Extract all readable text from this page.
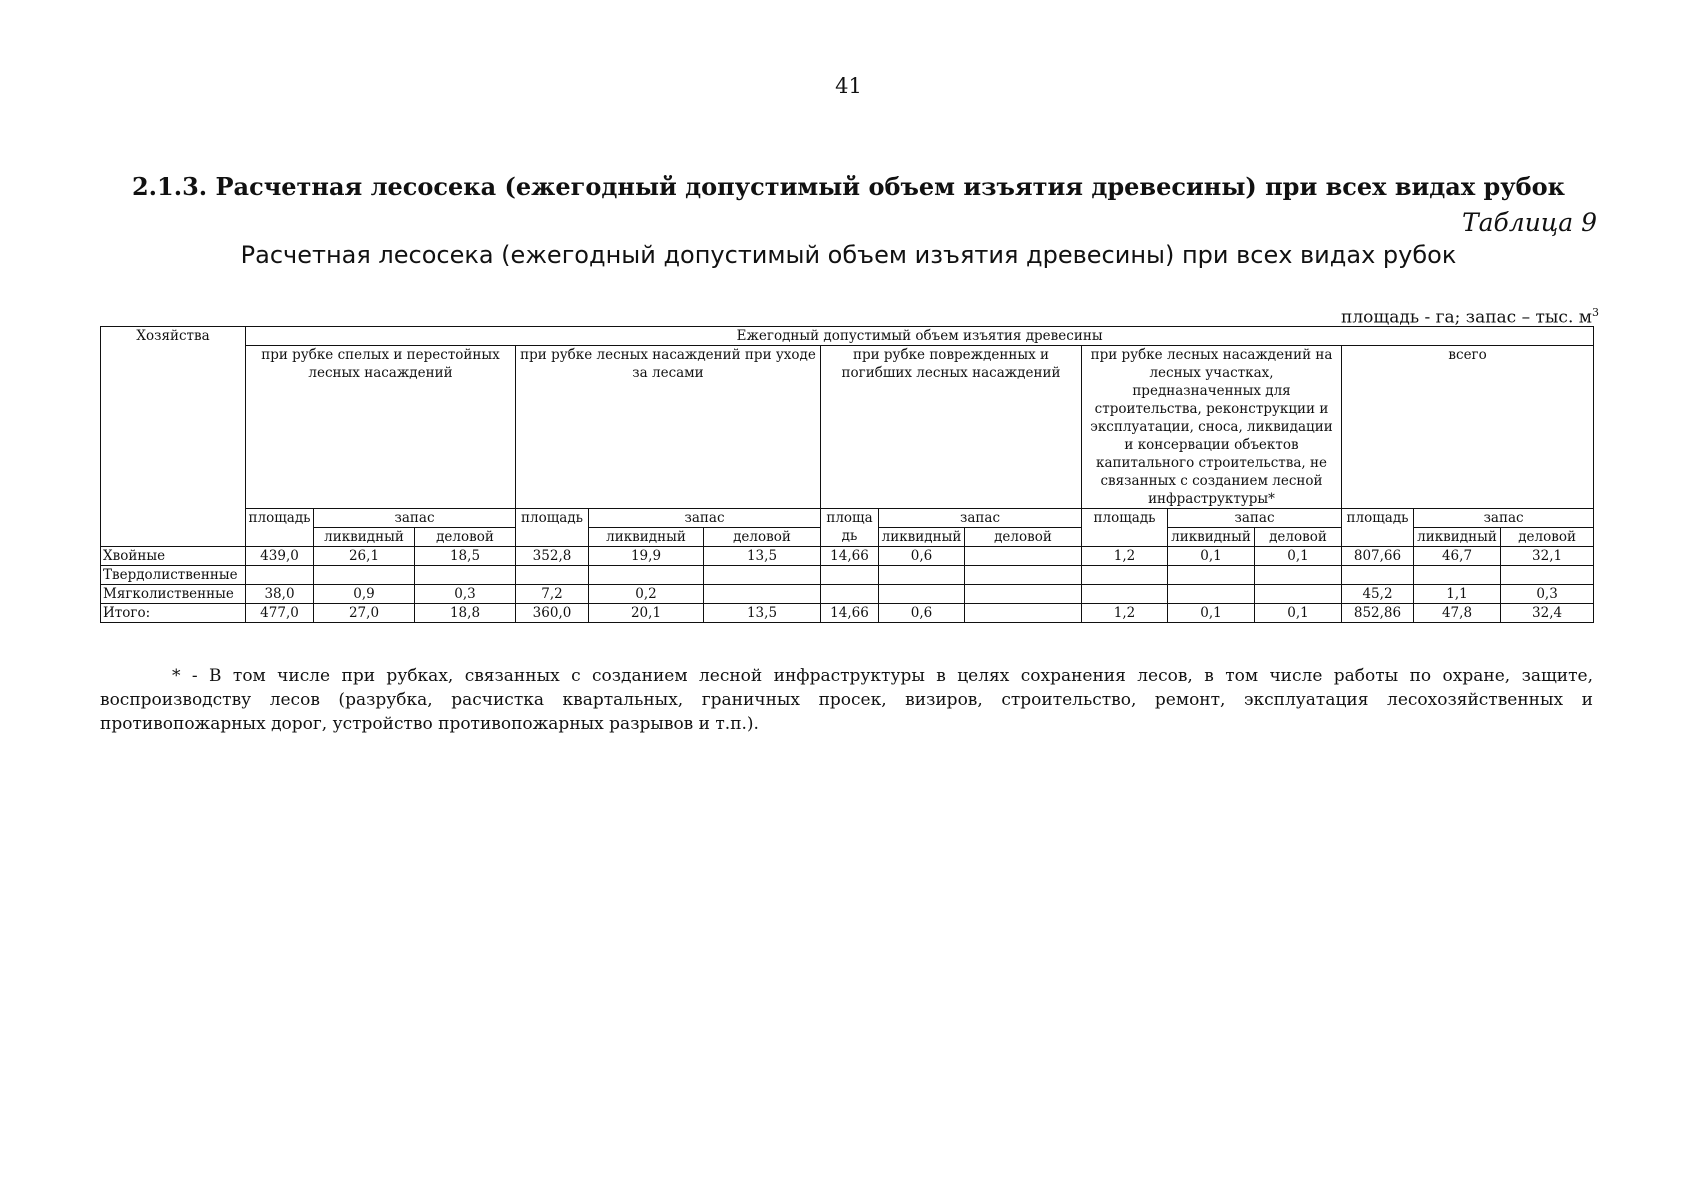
41
2.1.3. Расчетная лесосека (ежегодный допустимый объем изъятия древесины) при всех видах рубок
Таблица 9
Расчетная лесосека (ежегодный допустимый объем изъятия древесины) при всех видах рубок
площадь - га; запас – тыс. $м^3$
Хозяйства	Ежегодный допустимый объем изъятия древесины														
	при рубке спелых и перестойных лесных насаждений			при рубке лесных насаждений при уходе за лесами			при рубке поврежденных и погибших лесных насаждений			при рубке лесных насаждений на лесных участках, предназначенных для строительства, реконструкции и эксплуатации, сноса, ликвидации и консервации объектов капитального строительства, не связанных с созданием лесной инфраструктуры*			всего		
	площадь	запас		площадь	запас		площа дь	запас		площадь	запас		площадь	запас	
		ликвидный	деловой		ликвидный	деловой		ликвидный	деловой		ликвидный	деловой		ликвидный	деловой
Хвойные	439,0	26,1	18,5	352,8	19,9	13,5	14,66	0,6		1,2	0,1	0,1	807,66	46,7	32,1
Твердолиственные															
Мягколиственные	38,0	0,9	0,3	7,2	0,2								45,2	1,1	0,3
Итого:	477,0	27,0	18,8	360,0	20,1	13,5	14,66	0,6		1,2	0,1	0,1	852,86	47,8	32,4

* - В том числе при рубках, связанных с созданием лесной инфраструктуры в целях сохранения лесов, в том числе работы по охране, защите, воспроизводству лесов (разрубка, расчистка квартальных, граничных просек, визиров, строительство, ремонт, эксплуатация лесохозяйственных и противопожарных дорог, устройство противопожарных разрывов и т.п.).
